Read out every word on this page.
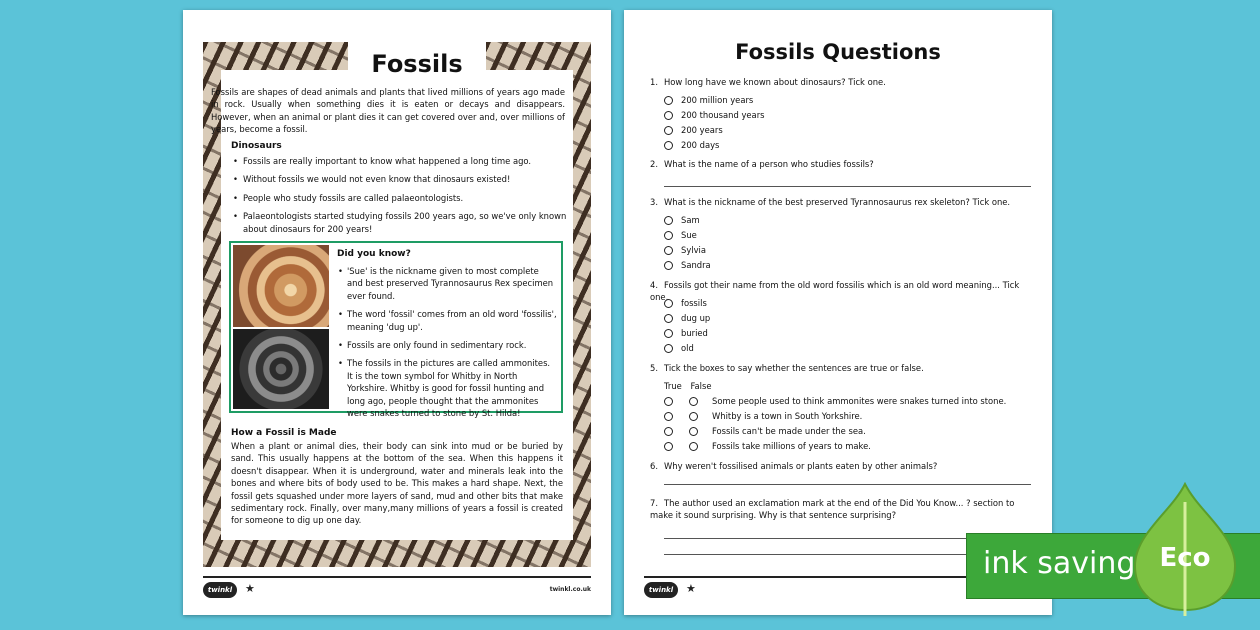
Fossils

Fossils are shapes of dead animals and plants that lived millions of years ago made in rock. Usually when something dies it is eaten or decays and disappears. However, when an animal or plant dies it can get covered over and, over millions of years, become a fossil.

Dinosaurs
• Fossils are really important to know what happened a long time ago.
• Without fossils we would not even know that dinosaurs existed!
• People who study fossils are called palaeontologists.
• Palaeontologists started studying fossils 200 years ago, so we've only known about dinosaurs for 200 years!
Did you know?
• 'Sue' is the nickname given to most complete and best preserved Tyrannosaurus Rex specimen ever found.
• The word 'fossil' comes from an old word 'fossilis', meaning 'dug up'.
• Fossils are only found in sedimentary rock.
• The fossils in the pictures are called ammonites. It is the town symbol for Whitby in North Yorkshire. Whitby is good for fossil hunting and long ago, people thought that the ammonites were snakes turned to stone by St. Hilda!
How a Fossil is Made

When a plant or animal dies, their body can sink into mud or be buried by sand. This usually happens at the bottom of the sea. When this happens it doesn't disappear. When it is underground, water and minerals leak into the bones and where bits of body used to be. This makes a hard shape. Next, the fossil gets squashed under more layers of sand, mud and other bits that make sedimentary rock. Finally, over many,many millions of years a fossil is created for someone to dig up one day.

twinkl	★	twinkl.co.uk
Fossils Questions
1. How long have we known about dinosaurs? Tick one.
200 million years
200 thousand years
200 years
200 days
2. What is the name of a person who studies fossils?
3. What is the nickname of the best preserved Tyrannosaurus rex skeleton? Tick one.
Sam
Sue
Sylvia
Sandra
4. Fossils got their name from the old word fossilis which is an old word meaning... Tick one.
fossils
dug up
buried
old
5. Tick the boxes to say whether the sentences are true or false.
True False
Some people used to think ammonites were snakes turned into stone.
Whitby is a town in South Yorkshire.
Fossils can't be made under the sea.
Fossils take millions of years to make.
6. Why weren't fossilised animals or plants eaten by other animals?
7. The author used an exclamation mark at the end of the Did You Know... ? section to make it sound surprising. Why is that sentence surprising?
twinkl	★
ink saving Eco
